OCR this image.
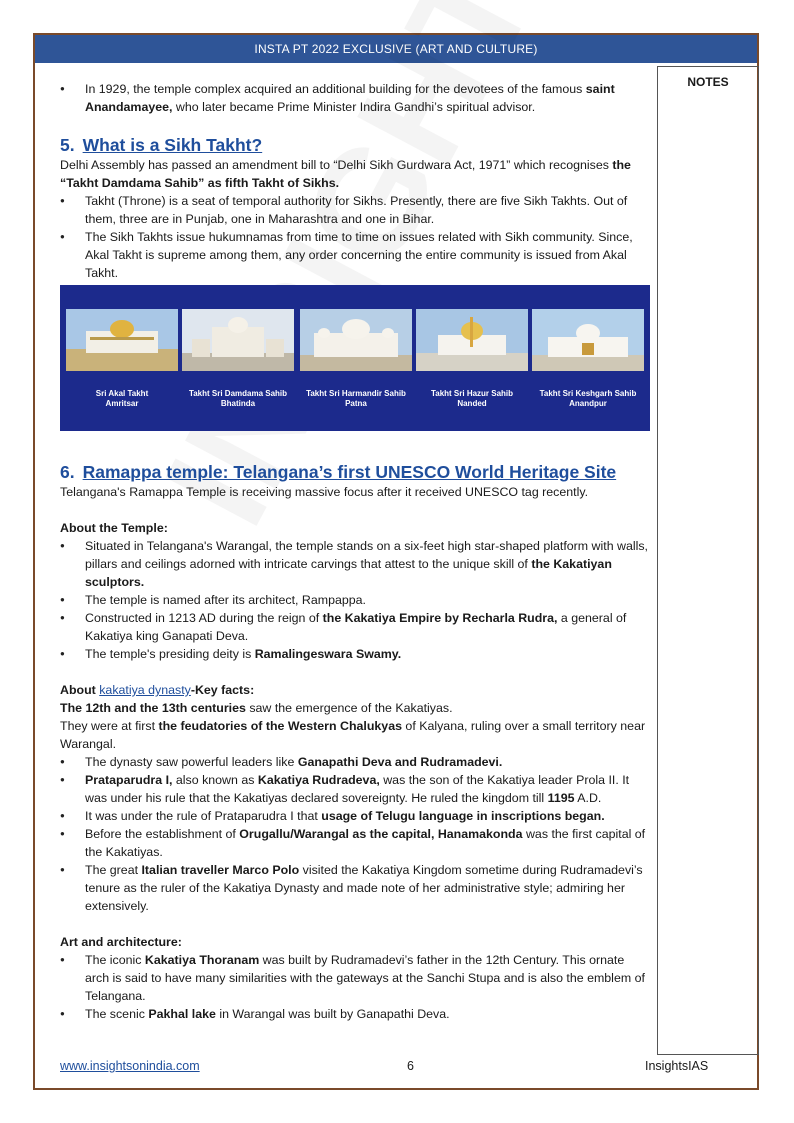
INSTA PT 2022 EXCLUSIVE (ART AND CULTURE)
NOTES
● In 1929, the temple complex acquired an additional building for the devotees of the famous saint Anandamayee, who later became Prime Minister Indira Gandhi’s spiritual advisor.
5. What is a Sikh Takht?
Delhi Assembly has passed an amendment bill to “Delhi Sikh Gurdwara Act, 1971” which recognises the “Takht Damdama Sahib” as fifth Takht of Sikhs.
● Takht (Throne) is a seat of temporal authority for Sikhs. Presently, there are five Sikh Takhts. Out of them, three are in Punjab, one in Maharashtra and one in Bihar.
● The Sikh Takhts issue hukumnamas from time to time on issues related with Sikh community. Since, Akal Takht is supreme among them, any order concerning the entire community is issued from Akal Takht.
Sri Akal Takht
Amritsar
Takht Sri Damdama Sahib
Bhatinda
Takht Sri Harmandir Sahib
Patna
Takht Sri Hazur Sahib
Nanded
Takht Sri Keshgarh Sahib
Anandpur
6. Ramappa temple: Telangana’s first UNESCO World Heritage Site
Telangana's Ramappa Temple is receiving massive focus after it received UNESCO tag recently.
About the Temple:
● Situated in Telangana's Warangal, the temple stands on a six-feet high star-shaped platform with walls, pillars and ceilings adorned with intricate carvings that attest to the unique skill of the Kakatiyan sculptors.
● The temple is named after its architect, Rampappa.
● Constructed in 1213 AD during the reign of the Kakatiya Empire by Recharla Rudra, a general of Kakatiya king Ganapati Deva.
● The temple's presiding deity is Ramalingeswara Swamy.
About kakatiya dynasty-Key facts:
The 12th and the 13th centuries saw the emergence of the Kakatiyas.
They were at first the feudatories of the Western Chalukyas of Kalyana, ruling over a small territory near Warangal.
● The dynasty saw powerful leaders like Ganapathi Deva and Rudramadevi.
● Prataparudra I, also known as Kakatiya Rudradeva, was the son of the Kakatiya leader Prola II. It was under his rule that the Kakatiyas declared sovereignty. He ruled the kingdom till 1195 A.D.
● It was under the rule of Prataparudra I that usage of Telugu language in inscriptions began.
● Before the establishment of Orugallu/Warangal as the capital, Hanamakonda was the first capital of the Kakatiyas.
● The great Italian traveller Marco Polo visited the Kakatiya Kingdom sometime during Rudramadevi’s tenure as the ruler of the Kakatiya Dynasty and made note of her administrative style; admiring her extensively.
Art and architecture:
● The iconic Kakatiya Thoranam was built by Rudramadevi’s father in the 12th Century. This ornate arch is said to have many similarities with the gateways at the Sanchi Stupa and is also the emblem of Telangana.
● The scenic Pakhal lake in Warangal was built by Ganapathi Deva.
www.insightsonindia.com	6	InsightsIAS
